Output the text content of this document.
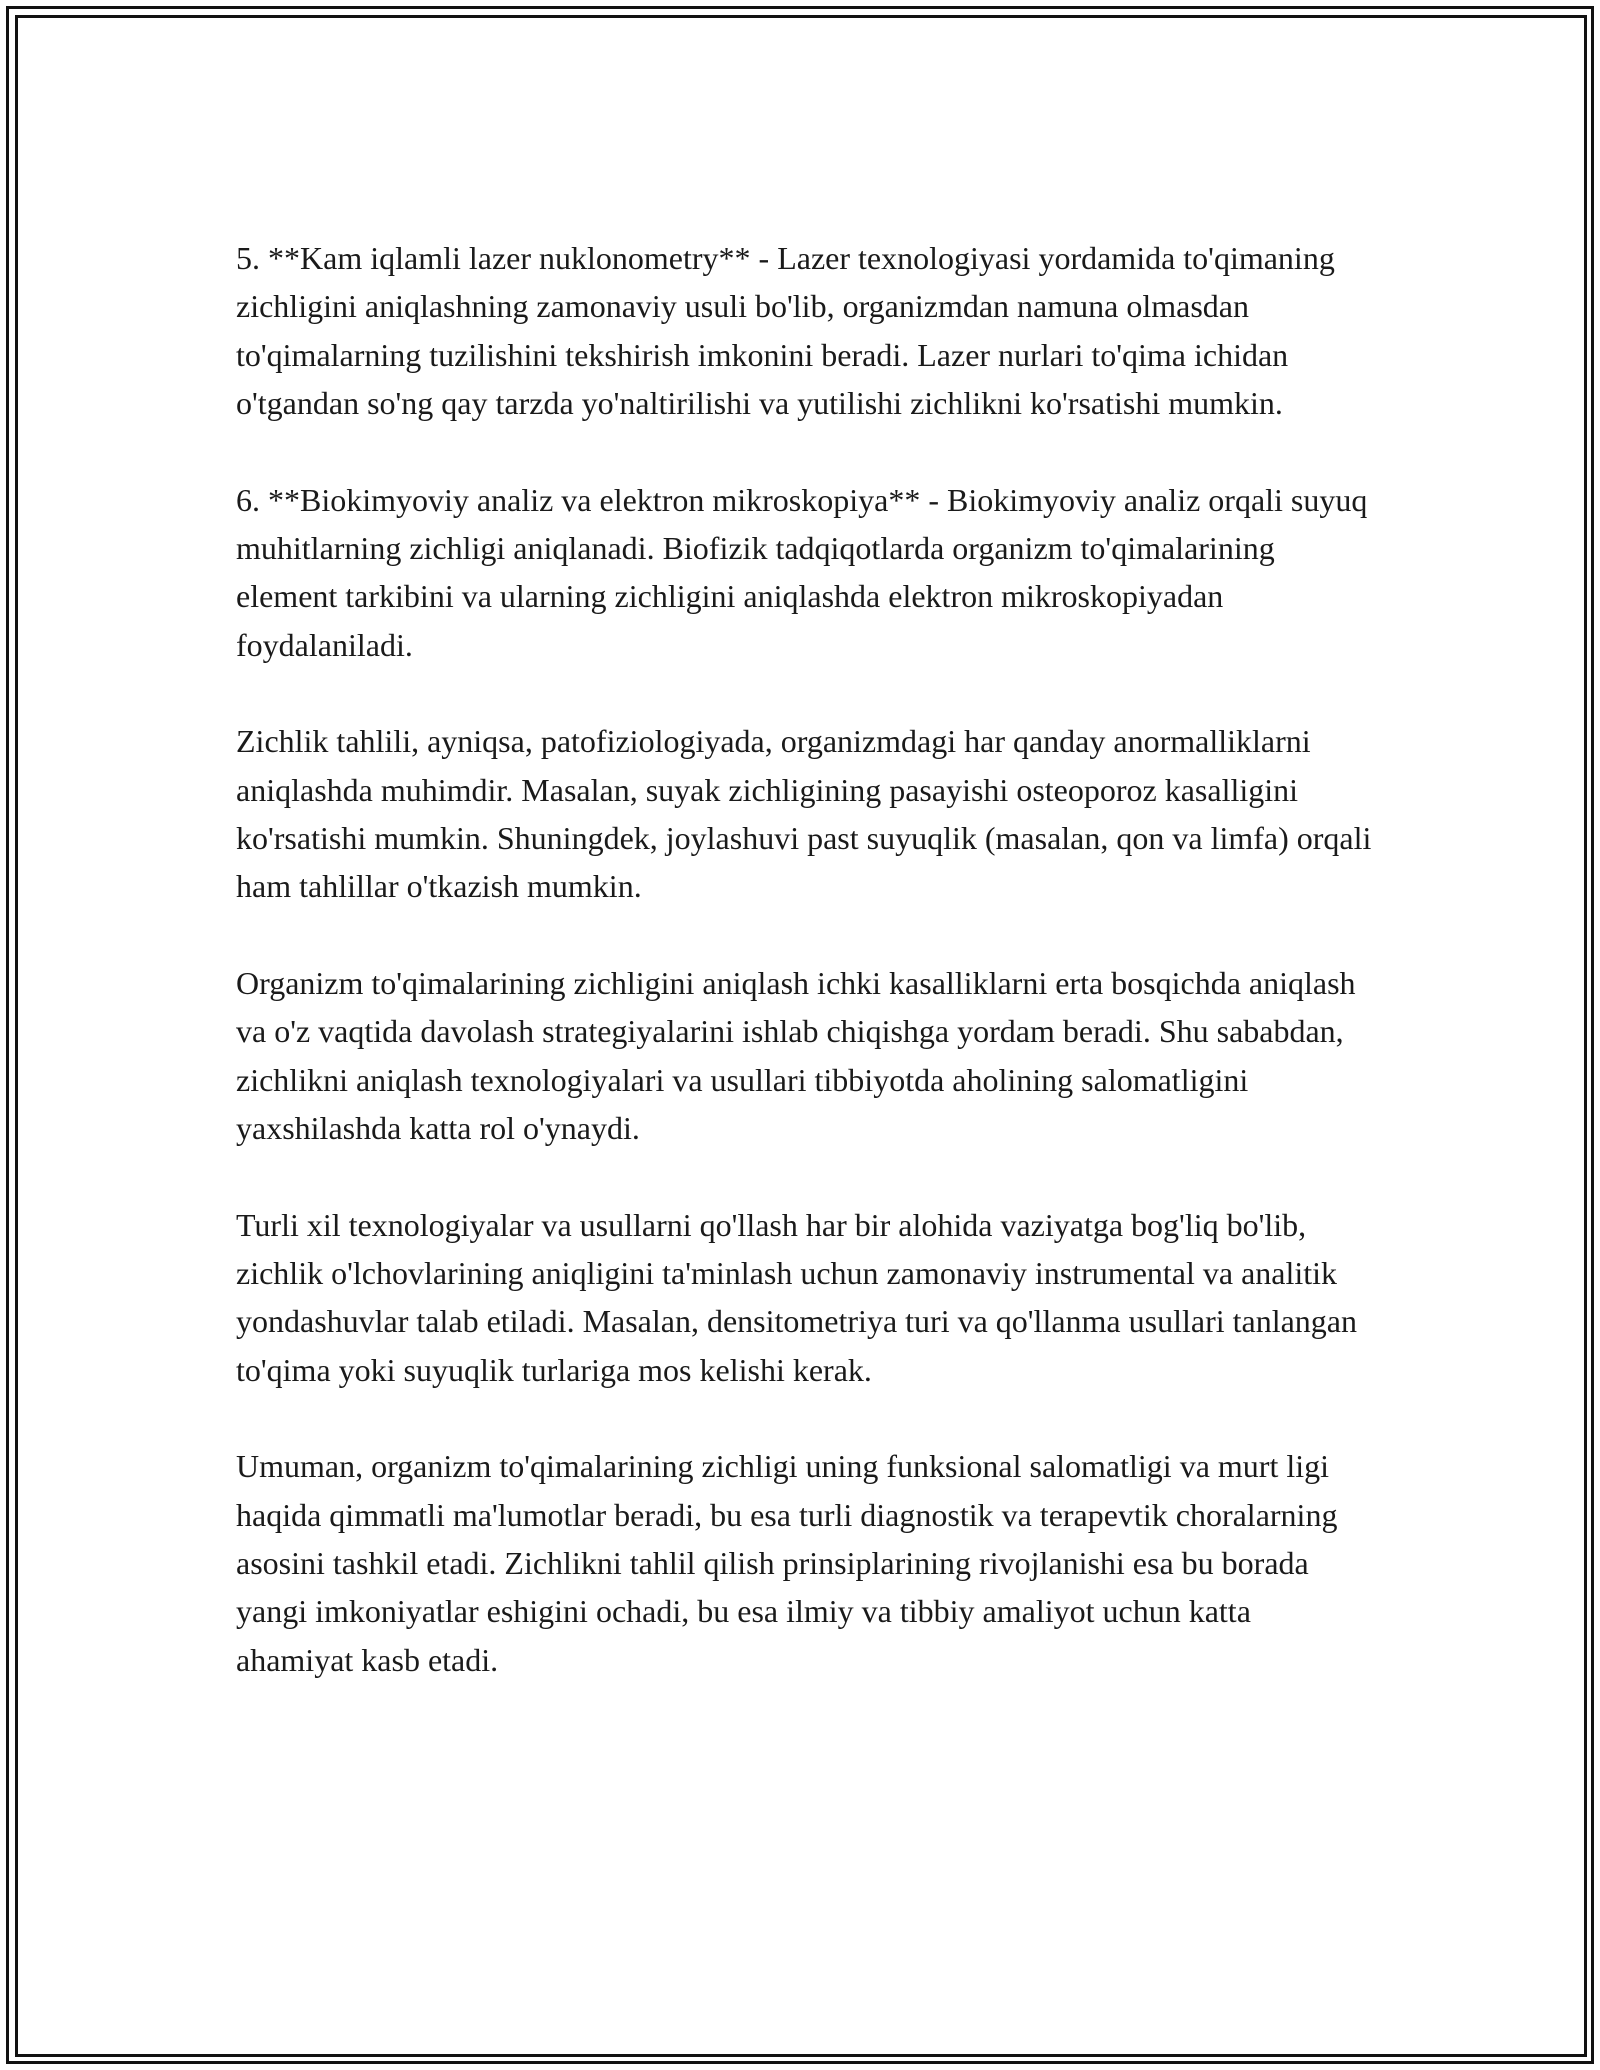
5. **Kam iqlamli lazer nuklonometry** - Lazer texnologiyasi yordamida to'qimaning zichligini aniqlashning zamonaviy usuli bo'lib, organizmdan namuna olmasdan to'qimalarning tuzilishini tekshirish imkonini beradi. Lazer nurlari to'qima ichidan o'tgandan so'ng qay tarzda yo'naltirilishi va yutilishi zichlikni ko'rsatishi mumkin.

6. **Biokimyoviy analiz va elektron mikroskopiya** - Biokimyoviy analiz orqali suyuq muhitlarning zichligi aniqlanadi. Biofizik tadqiqotlarda organizm to'qimalarining element tarkibini va ularning zichligini aniqlashda elektron mikroskopiyadan foydalaniladi.

Zichlik tahlili, ayniqsa, patofiziologiyada, organizmdagi har qanday anormalliklarni aniqlashda muhimdir. Masalan, suyak zichligining pasayishi osteoporoz kasalligini ko'rsatishi mumkin. Shuningdek, joylashuvi past suyuqlik (masalan, qon va limfa) orqali ham tahlillar o'tkazish mumkin.

Organizm to'qimalarining zichligini aniqlash ichki kasalliklarni erta bosqichda aniqlash va o'z vaqtida davolash strategiyalarini ishlab chiqishga yordam beradi. Shu sababdan, zichlikni aniqlash texnologiyalari va usullari tibbiyotda aholining salomatligini yaxshilashda katta rol o'ynaydi.

Turli xil texnologiyalar va usullarni qo'llash har bir alohida vaziyatga bog'liq bo'lib, zichlik o'lchovlarining aniqligini ta'minlash uchun zamonaviy instrumental va analitik yondashuvlar talab etiladi. Masalan, densitometriya turi va qo'llanma usullari tanlangan to'qima yoki suyuqlik turlariga mos kelishi kerak.

Umuman, organizm to'qimalarining zichligi uning funksional salomatligi va murt ligi haqida qimmatli ma'lumotlar beradi, bu esa turli diagnostik va terapevtik choralarning asosini tashkil etadi. Zichlikni tahlil qilish prinsiplarining rivojlanishi esa bu borada yangi imkoniyatlar eshigini ochadi, bu esa ilmiy va tibbiy amaliyot uchun katta ahamiyat kasb etadi.
